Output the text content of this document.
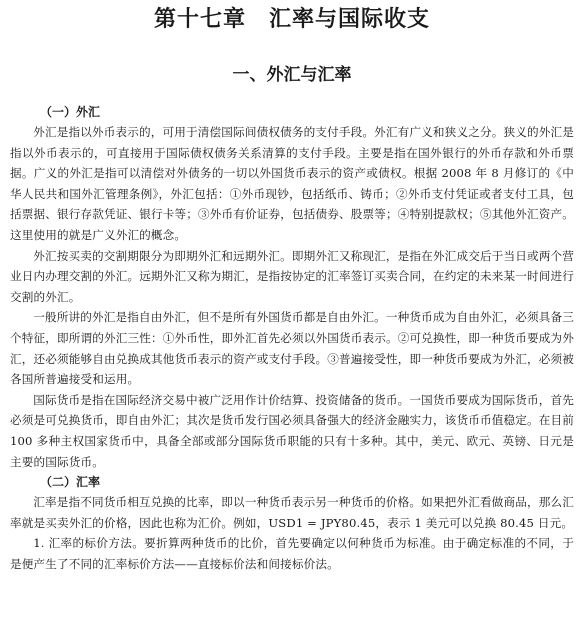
第十七章　汇率与国际收支
一、外汇与汇率
（一）外汇

外汇是指以外币表示的，可用于清偿国际间债权债务的支付手段。外汇有广义和狭义之分。狭义的外汇是指以外币表示的，可直接用于国际债权债务关系清算的支付手段。主要是指在国外银行的外币存款和外币票据。广义的外汇是指可以清偿对外债务的一切以外国货币表示的资产或债权。根据 2008 年 8 月修订的《中华人民共和国外汇管理条例》，外汇包括：①外币现钞，包括纸币、铸币；②外币支付凭证或者支付工具，包括票据、银行存款凭证、银行卡等；③外币有价证券，包括债券、股票等；④特别提款权；⑤其他外汇资产。这里使用的就是广义外汇的概念。

外汇按买卖的交割期限分为即期外汇和远期外汇。即期外汇又称现汇，是指在外汇成交后于当日或两个营业日内办理交割的外汇。远期外汇又称为期汇，是指按协定的汇率签订买卖合同，在约定的未来某一时间进行交割的外汇。

一般所讲的外汇是指自由外汇，但不是所有外国货币都是自由外汇。一种货币成为自由外汇，必须具备三个特征，即所谓的外汇三性：①外币性，即外汇首先必须以外国货币表示。②可兑换性，即一种货币要成为外汇，还必须能够自由兑换成其他货币表示的资产或支付手段。③普遍接受性，即一种货币要成为外汇，必须被各国所普遍接受和运用。

国际货币是指在国际经济交易中被广泛用作计价结算、投资储备的货币。一国货币要成为国际货币，首先必须是可兑换货币，即自由外汇；其次是货币发行国必须具备强大的经济金融实力，该货币币值稳定。在目前 100 多种主权国家货币中，具备全部或部分国际货币职能的只有十多种。其中，美元、欧元、英镑、日元是主要的国际货币。

（二）汇率

汇率是指不同货币相互兑换的比率，即以一种货币表示另一种货币的价格。如果把外汇看做商品，那么汇率就是买卖外汇的价格，因此也称为汇价。例如，USD1 = JPY80.45，表示 1 美元可以兑换 80.45 日元。

1. 汇率的标价方法。要折算两种货币的比价，首先要确定以何种货币为标准。由于确定标准的不同，于是便产生了不同的汇率标价方法——直接标价法和间接标价法。
